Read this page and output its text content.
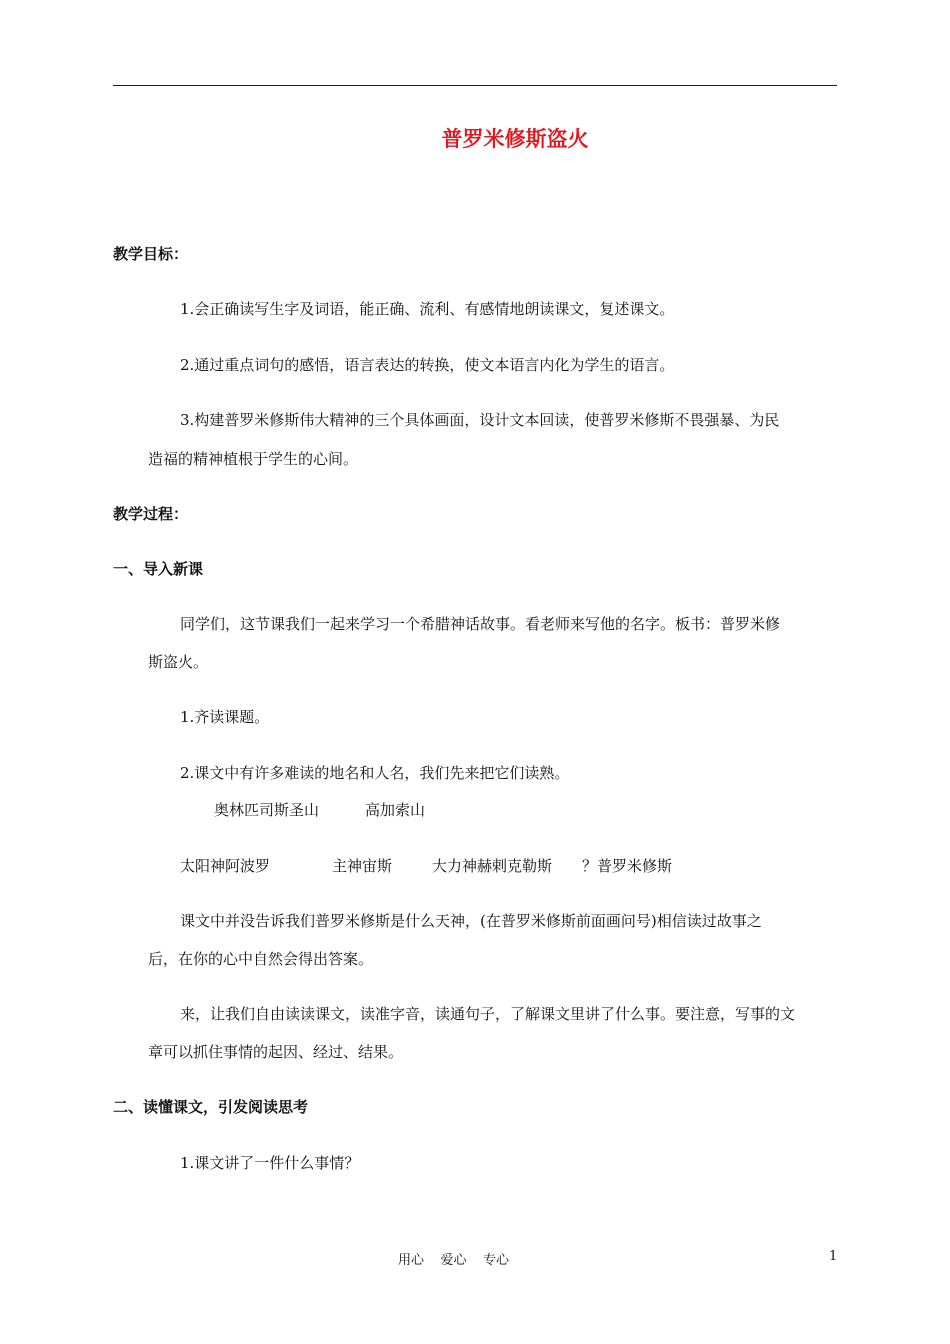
普罗米修斯盗火
教学目标：
1.会正确读写生字及词语，能正确、流利、有感情地朗读课文，复述课文。
2.通过重点词句的感悟，语言表达的转换，使文本语言内化为学生的语言。
3.构建普罗米修斯伟大精神的三个具体画面，设计文本回读，使普罗米修斯不畏强暴、为民
造福的精神植根于学生的心间。
教学过程：
一、导入新课
同学们，这节课我们一起来学习一个希腊神话故事。看老师来写他的名字。板书：普罗米修
斯盗火。
1.齐读课题。
2.课文中有许多难读的地名和人名，我们先来把它们读熟。
奥林匹司斯圣山	高加索山
太阳神阿波罗	主神宙斯	大力神赫剌克勒斯 ？普罗米修斯
课文中并没告诉我们普罗米修斯是什么天神，(在普罗米修斯前面画问号)相信读过故事之
后，在你的心中自然会得出答案。
来，让我们自由读读课文，读准字音，读通句子，了解课文里讲了什么事。要注意，写事的文
章可以抓住事情的起因、经过、结果。
二、读懂课文，引发阅读思考
1.课文讲了一件什么事情？
用心    爱心    专心	1
